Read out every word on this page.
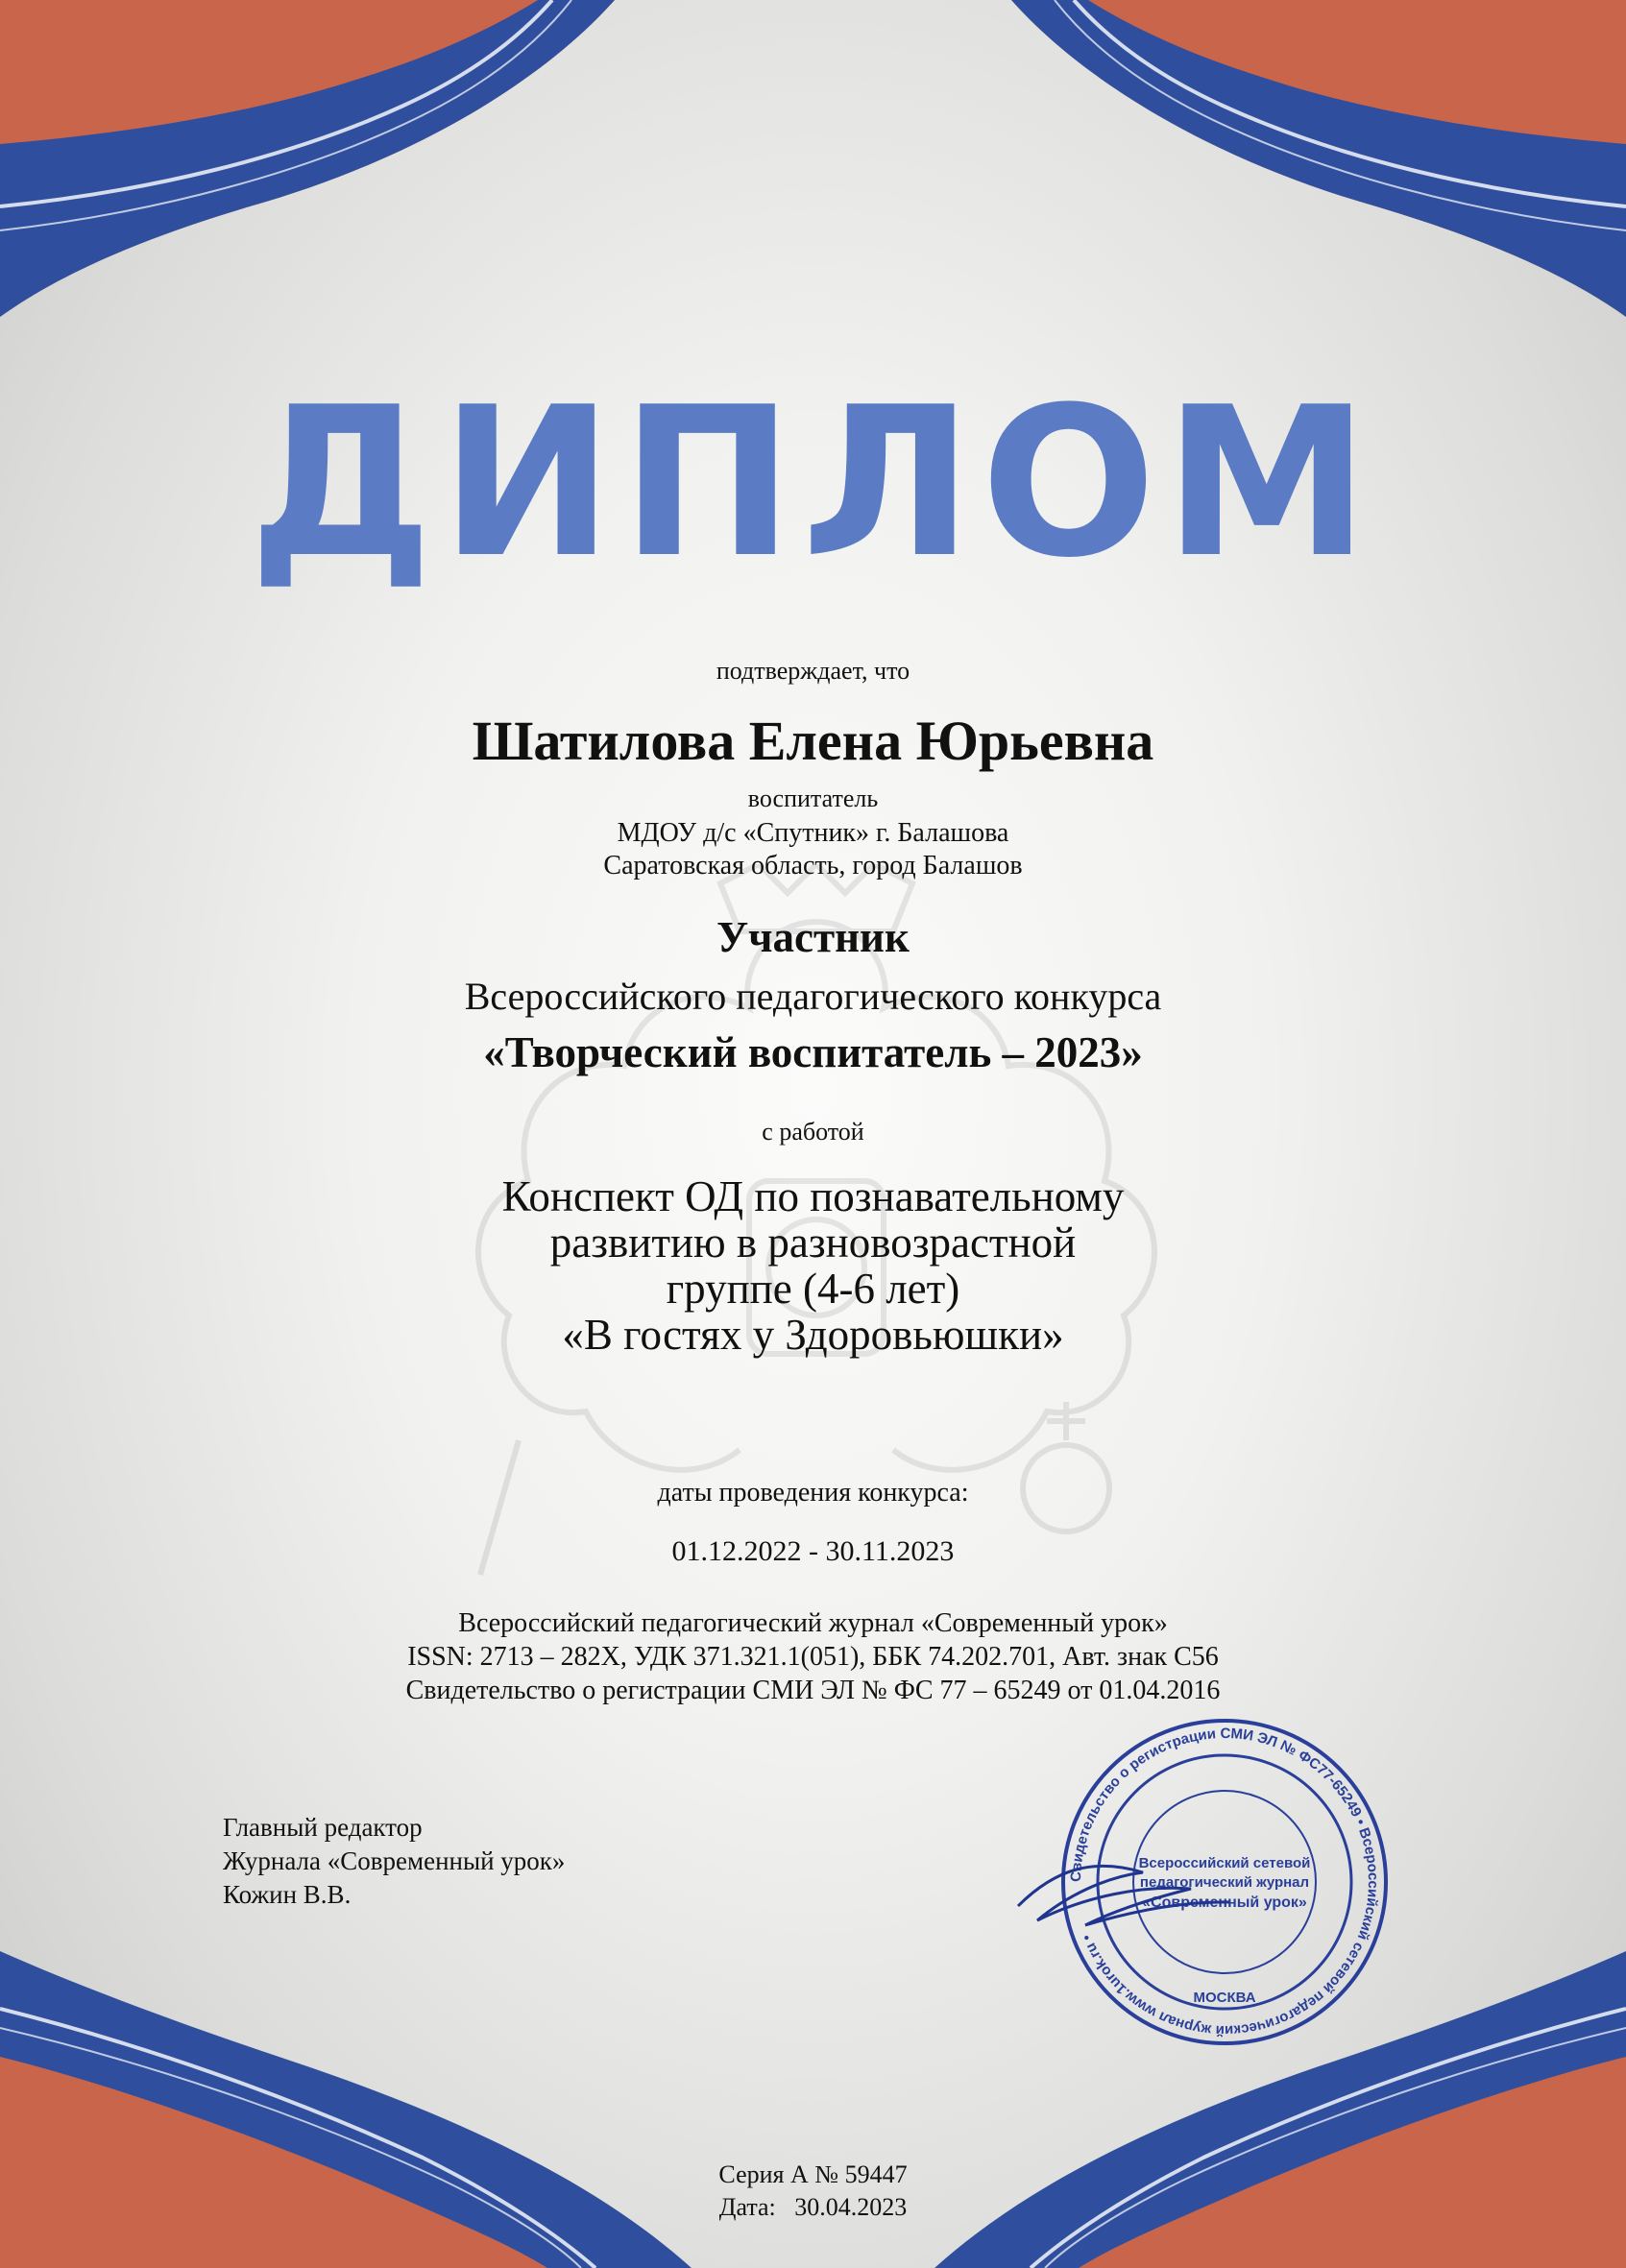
ДИПЛОМ
подтверждает, что
Шатилова Елена Юрьевна
воспитатель
МДОУ д/с «Спутник» г. Балашова
Саратовская область, город Балашов
Участник
Всероссийского педагогического конкурса
«Творческий воспитатель – 2023»
с работой
Конспект ОД по познавательному
развитию в разновозрастной
группе (4-6 лет)
«В гостях у Здоровьюшки»
даты проведения конкурса:
01.12.2022 - 30.11.2023
Всероссийский педагогический журнал «Современный урок»
ISSN: 2713 – 282X, УДК 371.321.1(051), ББК 74.202.701, Авт. знак С56
Свидетельство о регистрации СМИ ЭЛ № ФС 77 – 65249 от 01.04.2016
Главный редактор
Журнала «Современный урок»
Кожин В.В.
Свидетельство о регистрации СМИ ЭЛ № ФС77-65249 • Всероссийский сетевой педагогический журнал www.1urok.ru •
Всероссийский сетевой
педагогический журнал
«Современный урок»
МОСКВА
Серия А № 59447
Дата:   30.04.2023
